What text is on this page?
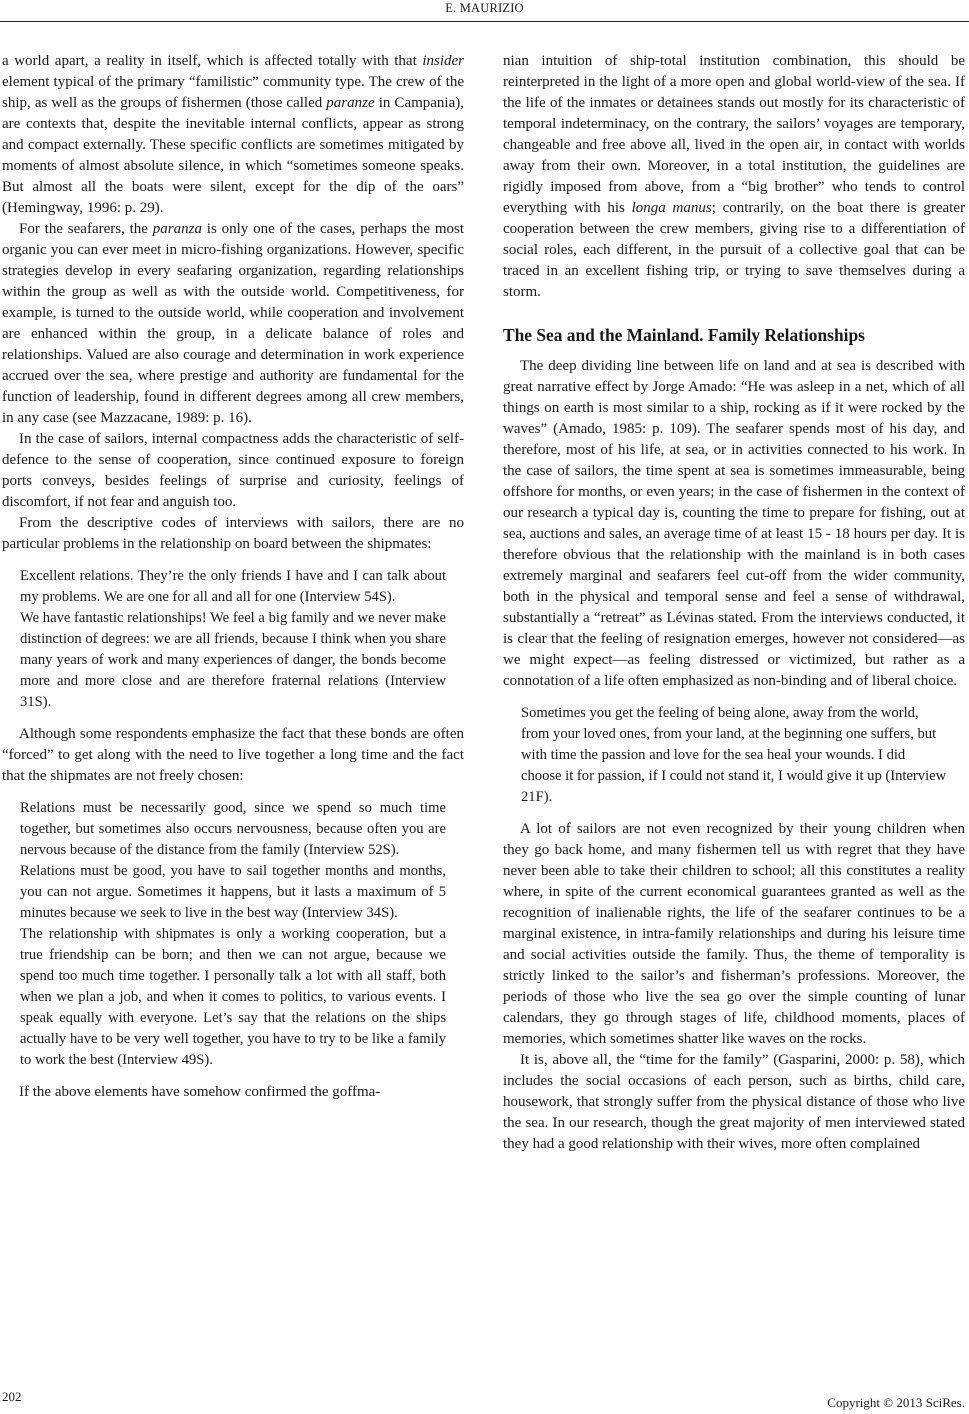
E. MAURIZIO

a world apart, a reality in itself, which is affected totally with that insider element typical of the primary “familistic” community type. The crew of the ship, as well as the groups of fishermen (those called paranze in Campania), are contexts that, despite the inevitable internal conflicts, appear as strong and compact externally. These specific conflicts are sometimes mitigated by moments of almost absolute silence, in which “sometimes someone speaks. But almost all the boats were silent, except for the dip of the oars” (Hemingway, 1996: p. 29).

For the seafarers, the paranza is only one of the cases, perhaps the most organic you can ever meet in micro-fishing organizations. However, specific strategies develop in every seafaring organization, regarding relationships within the group as well as with the outside world. Competitiveness, for example, is turned to the outside world, while cooperation and involvement are enhanced within the group, in a delicate balance of roles and relationships. Valued are also courage and determination in work experience accrued over the sea, where prestige and authority are fundamental for the function of leadership, found in different degrees among all crew members, in any case (see Mazzacane, 1989: p. 16).

In the case of sailors, internal compactness adds the characteristic of self-defence to the sense of cooperation, since continued exposure to foreign ports conveys, besides feelings of surprise and curiosity, feelings of discomfort, if not fear and anguish too.

From the descriptive codes of interviews with sailors, there are no particular problems in the relationship on board between the shipmates:

Excellent relations. They’re the only friends I have and I can talk about my problems. We are one for all and all for one (Interview 54S).

We have fantastic relationships! We feel a big family and we never make distinction of degrees: we are all friends, because I think when you share many years of work and many experiences of danger, the bonds become more and more close and are therefore fraternal relations (Interview 31S).

Although some respondents emphasize the fact that these bonds are often “forced” to get along with the need to live together a long time and the fact that the shipmates are not freely chosen:

Relations must be necessarily good, since we spend so much time together, but sometimes also occurs nervousness, because often you are nervous because of the distance from the family (Interview 52S).

Relations must be good, you have to sail together months and months, you can not argue. Sometimes it happens, but it lasts a maximum of 5 minutes because we seek to live in the best way (Interview 34S).

The relationship with shipmates is only a working cooperation, but a true friendship can be born; and then we can not argue, because we spend too much time together. I personally talk a lot with all staff, both when we plan a job, and when it comes to politics, to various events. I speak equally with everyone. Let’s say that the relations on the ships actually have to be very well together, you have to try to be like a family to work the best (Interview 49S).

If the above elements have somehow confirmed the goffma-

nian intuition of ship-total institution combination, this should be reinterpreted in the light of a more open and global world-view of the sea. If the life of the inmates or detainees stands out mostly for its characteristic of temporal indeterminacy, on the contrary, the sailors’ voyages are temporary, changeable and free above all, lived in the open air, in contact with worlds away from their own. Moreover, in a total institution, the guidelines are rigidly imposed from above, from a “big brother” who tends to control everything with his longa manus; contrarily, on the boat there is greater cooperation between the crew members, giving rise to a differentiation of social roles, each different, in the pursuit of a collective goal that can be traced in an excellent fishing trip, or trying to save themselves during a storm.

The Sea and the Mainland. Family Relationships

The deep dividing line between life on land and at sea is described with great narrative effect by Jorge Amado: “He was asleep in a net, which of all things on earth is most similar to a ship, rocking as if it were rocked by the waves” (Amado, 1985: p. 109). The seafarer spends most of his day, and therefore, most of his life, at sea, or in activities connected to his work. In the case of sailors, the time spent at sea is sometimes immeasurable, being offshore for months, or even years; in the case of fishermen in the context of our research a typical day is, counting the time to prepare for fishing, out at sea, auctions and sales, an average time of at least 15 - 18 hours per day. It is therefore obvious that the relationship with the mainland is in both cases extremely marginal and seafarers feel cut-off from the wider community, both in the physical and temporal sense and feel a sense of withdrawal, substantially a “retreat” as Lévinas stated. From the interviews conducted, it is clear that the feeling of resignation emerges, however not considered—as we might expect—as feeling distressed or victimized, but rather as a connotation of a life often emphasized as non-binding and of liberal choice.

Sometimes you get the feeling of being alone, away from the world, from your loved ones, from your land, at the beginning one suffers, but with time the passion and love for the sea heal your wounds. I did choose it for passion, if I could not stand it, I would give it up (Interview 21F).

A lot of sailors are not even recognized by their young children when they go back home, and many fishermen tell us with regret that they have never been able to take their children to school; all this constitutes a reality where, in spite of the current economical guarantees granted as well as the recognition of inalienable rights, the life of the seafarer continues to be a marginal existence, in intra-family relationships and during his leisure time and social activities outside the family. Thus, the theme of temporality is strictly linked to the sailor’s and fisherman’s professions. Moreover, the periods of those who live the sea go over the simple counting of lunar calendars, they go through stages of life, childhood moments, places of memories, which sometimes shatter like waves on the rocks.

It is, above all, the “time for the family” (Gasparini, 2000: p. 58), which includes the social occasions of each person, such as births, child care, housework, that strongly suffer from the physical distance of those who live the sea. In our research, though the great majority of men interviewed stated they had a good relationship with their wives, more often complained

202	Copyright © 2013 SciRes.
